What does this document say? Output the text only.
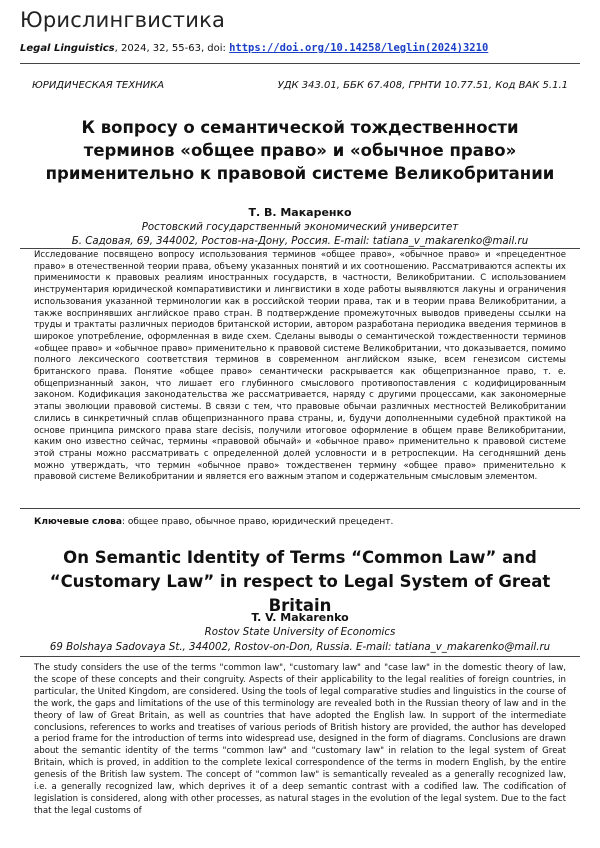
Юрислингвистика
Legal Linguistics, 2024, 32, 55-63, doi: https://doi.org/10.14258/leglin(2024)3210
ЮРИДИЧЕСКАЯ ТЕХНИКА	УДК 343.01, ББК 67.408, ГРНТИ 10.77.51, Код ВАК 5.1.1
К вопросу о семантической тождественности
терминов «общее право» и «обычное право»
применительно к правовой системе Великобритании
Т. В. Макаренко
Ростовский государственный экономический университет
Б. Садовая, 69, 344002, Ростов-на-Дону, Россия. E-mail: tatiana_v_makarenko@mail.ru
Исследование посвящено вопросу использования терминов «общее право», «обычное право» и «прецедентное право» в отечественной теории права, объему указанных понятий и их соотношению. Рассматриваются аспекты их применимости к правовых реалиям иностранных государств, в частности, Великобритании. С использованием инструментария юридической компаративистики и лингвистики в ходе работы выявляются лакуны и ограничения использования указанной терминологии как в российской теории права, так и в теории права Великобритании, а также воспринявших английское право стран. В подтверждение промежуточных выводов приведены ссылки на труды и трактаты различных периодов британской истории, автором разработана периодика введения терминов в широкое употребление, оформленная в виде схем. Сделаны выводы о семантической тождественности терминов «общее право» и «обычное право» применительно к правовой системе Великобритании, что доказывается, помимо полного лексического соответствия терминов в современном английском языке, всем генезисом системы британского права. Понятие «общее право» семантически раскрывается как общепризнанное право, т. е. общепризнанный закон, что лишает его глубинного смыслового противопоставления с кодифицированным законом. Кодификация законодательства же рассматривается, наряду с другими процессами, как закономерные этапы эволюции правовой системы. В связи с тем, что правовые обычаи различных местностей Великобритании слились в синкретичный сплав общепризнанного права страны, и, будучи дополненными судебной практикой на основе принципа римского права stare decisis, получили итоговое оформление в общем праве Великобритании, каким оно известно сейчас, термины «правовой обычай» и «обычное право» применительно к правовой системе этой страны можно рассматривать с определенной долей условности и в ретроспекции. На сегодняшний день можно утверждать, что термин «обычное право» тождественен термину «общее право» применительно к правовой системе Великобритании и является его важным этапом и содержательным смысловым элементом.
Ключевые слова: общее право, обычное право, юридический прецедент.
On Semantic Identity of Terms “Common Law” and
“Customary Law” in respect to Legal System of Great Britain
T. V. Makarenko
Rostov State University of Economics
69 Bolshaya Sadovaya St., 344002, Rostov-on-Don, Russia. E-mail: tatiana_v_makarenko@mail.ru
The study considers the use of the terms "common law", "customary law" and "case law" in the domestic theory of law, the scope of these concepts and their congruity. Aspects of their applicability to the legal realities of foreign countries, in particular, the United Kingdom, are considered. Using the tools of legal comparative studies and linguistics in the course of the work, the gaps and limitations of the use of this terminology are revealed both in the Russian theory of law and in the theory of law of Great Britain, as well as countries that have adopted the English law. In support of the intermediate conclusions, references to works and treatises of various periods of British history are provided, the author has developed a period frame for the introduction of terms into widespread use, designed in the form of diagrams. Conclusions are drawn about the semantic identity of the terms "common law" and "customary law" in relation to the legal system of Great Britain, which is proved, in addition to the complete lexical correspondence of the terms in modern English, by the entire genesis of the British law system. The concept of "common law" is semantically revealed as a generally recognized law, i.e. a generally recognized law, which deprives it of a deep semantic contrast with a codified law. The codification of legislation is considered, along with other processes, as natural stages in the evolution of the legal system. Due to the fact that the legal customs of
